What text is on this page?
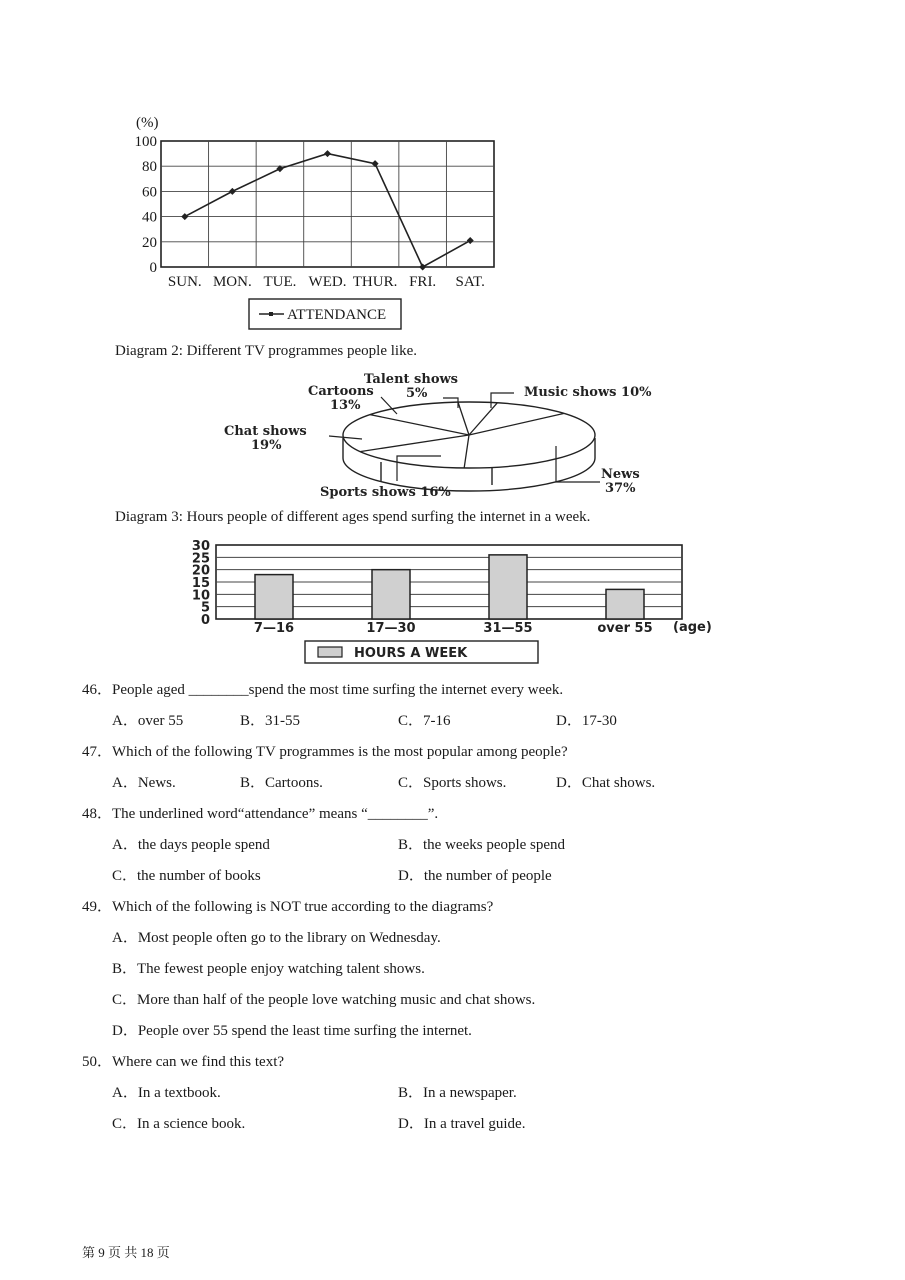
0
20
40
60
80
100
SUN. MON. TUE. WED. THUR. FRI. SAT.
(%)
ATTENDANCE
Diagram 2: Different TV programmes people like.
Talent shows
5%
Cartoons
13%
Music shows 10%
Chat shows
19%
News
37%
Sports shows 16%
Diagram 3: Hours people of different ages spend surfing the internet in a week.
0
5
10
15
20
25
30
7—16	17—30	31—55	over 55 (age)
HOURS A WEEK
46．People aged ________spend the most time surfing the internet every week.
A．over 55	B．31-55	C．7-16	D．17-30
47．Which of the following TV programmes is the most popular among people?
A．News.	B．Cartoons.	C．Sports shows.	D．Chat shows.
48．The underlined word“attendance” means “________”.
A．the days people spend	B．the weeks people spend
C．the number of books	D．the number of people
49．Which of the following is NOT true according to the diagrams?
A．Most people often go to the library on Wednesday.
B．The fewest people enjoy watching talent shows.
C．More than half of the people love watching music and chat shows.
D．People over 55 spend the least time surfing the internet.
50．Where can we find this text?
A．In a textbook.	B．In a newspaper.
C．In a science book.	D．In a travel guide.
第 9 页 共 18 页
